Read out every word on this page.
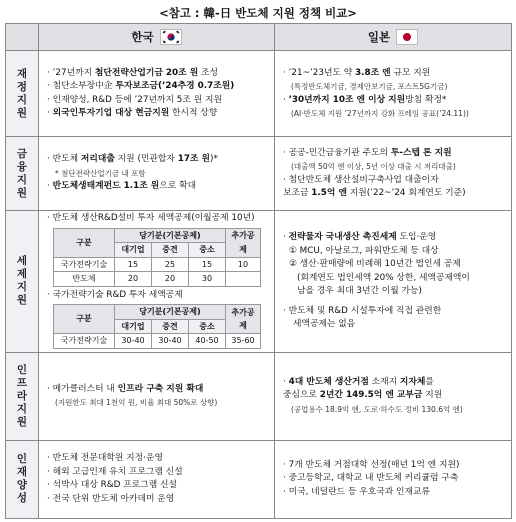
<참고 : 韓-日 반도체 지원 정책 비교>

한국	일본

재
정
지
원

· ’27년까지 첨단전략산업기금 20조 원 조성
· 첨단소부장中企 투자보조금(’24추경 0.7조원)
· 인재양성, R&D 등에 ’27년까지 5조 원 지원
· 외국인투자기업 대상 현금지원 한시적 상향

· ’21~’23년도 약 3.8조 엔 규모 지원
(특정반도체기금, 경제안보기금, 포스트5G기금)
· ’30년까지 10조 엔 이상 지원방침 확정*
(AI·반도체 지원 ’27년까지 강화 프레임 공표(’24.11))

금
융
지
원

· 반도체 저리대출 지원 (민관합자 17조 원)*
* 첨단전략산업기금 내 포함
· 반도체생태계펀드 1.1조 원으로 확대

· 공공-민간금융기관 주도의 투-스텝 론 지원
(대출액 50억 엔 이상, 5년 이상 대출 시 저리대출)
· 첨단반도체 생산설비구축사업 대출이자
보조금 1.5억 엔 지원(’22~’24 회계연도 기준)

세
제
지
원

· 반도체 생산R&D설비 투자 세액공제(이월공제 10년)
구분	당기분(기본공제)	추가공제
대기업	중견	중소
국가전략기술	15	25	15	10
반도체	20	20	30	
· 국가전략기술 R&D 투자 세액공제
구분	당기분(기본공제)	추가공제
대기업	중견	중소
국가전략기술	30-40	30-40	40-50	35-60

· 전략물자 국내생산 촉진세제 도입·운영
① MCU, 아날로그, 파워반도체 등 대상
② 생산·판매량에 비례해 10년간 법인세 공제
(회계연도 법인세액 20% 상한, 세액공제액이
남을 경우 최대 3년간 이월 가능)
· 반도체 및 R&D 시설투자에 직접 관련한
세액공제는 없음

인
프
라
지
원

· 메가클러스터 내 인프라 구축 지원 확대
(지원한도 최대 1천억 원, 비율 최대 50%로 상향)

· 4대 반도체 생산거점 소재지 지자체를
중심으로 2년간 149.5억 엔 교부금 지원
(공업용수 18.9억 엔, 도로·하수도 정비 130.6억 엔)

인
재
양
성

· 반도체 전문대학원 지정·운영
· 해외 고급인재 유치 프로그램 신설
· 석박사 대상 R&D 프로그램 신설
· 전국 단위 반도체 아카데미 운영

· 7개 반도체 거점대학 선정(매년 1억 엔 지원)
· 중고등학교, 대학교 내 반도체 커리큘럼 구축
· 미국, 네덜란드 등 우호국과 인재교류
